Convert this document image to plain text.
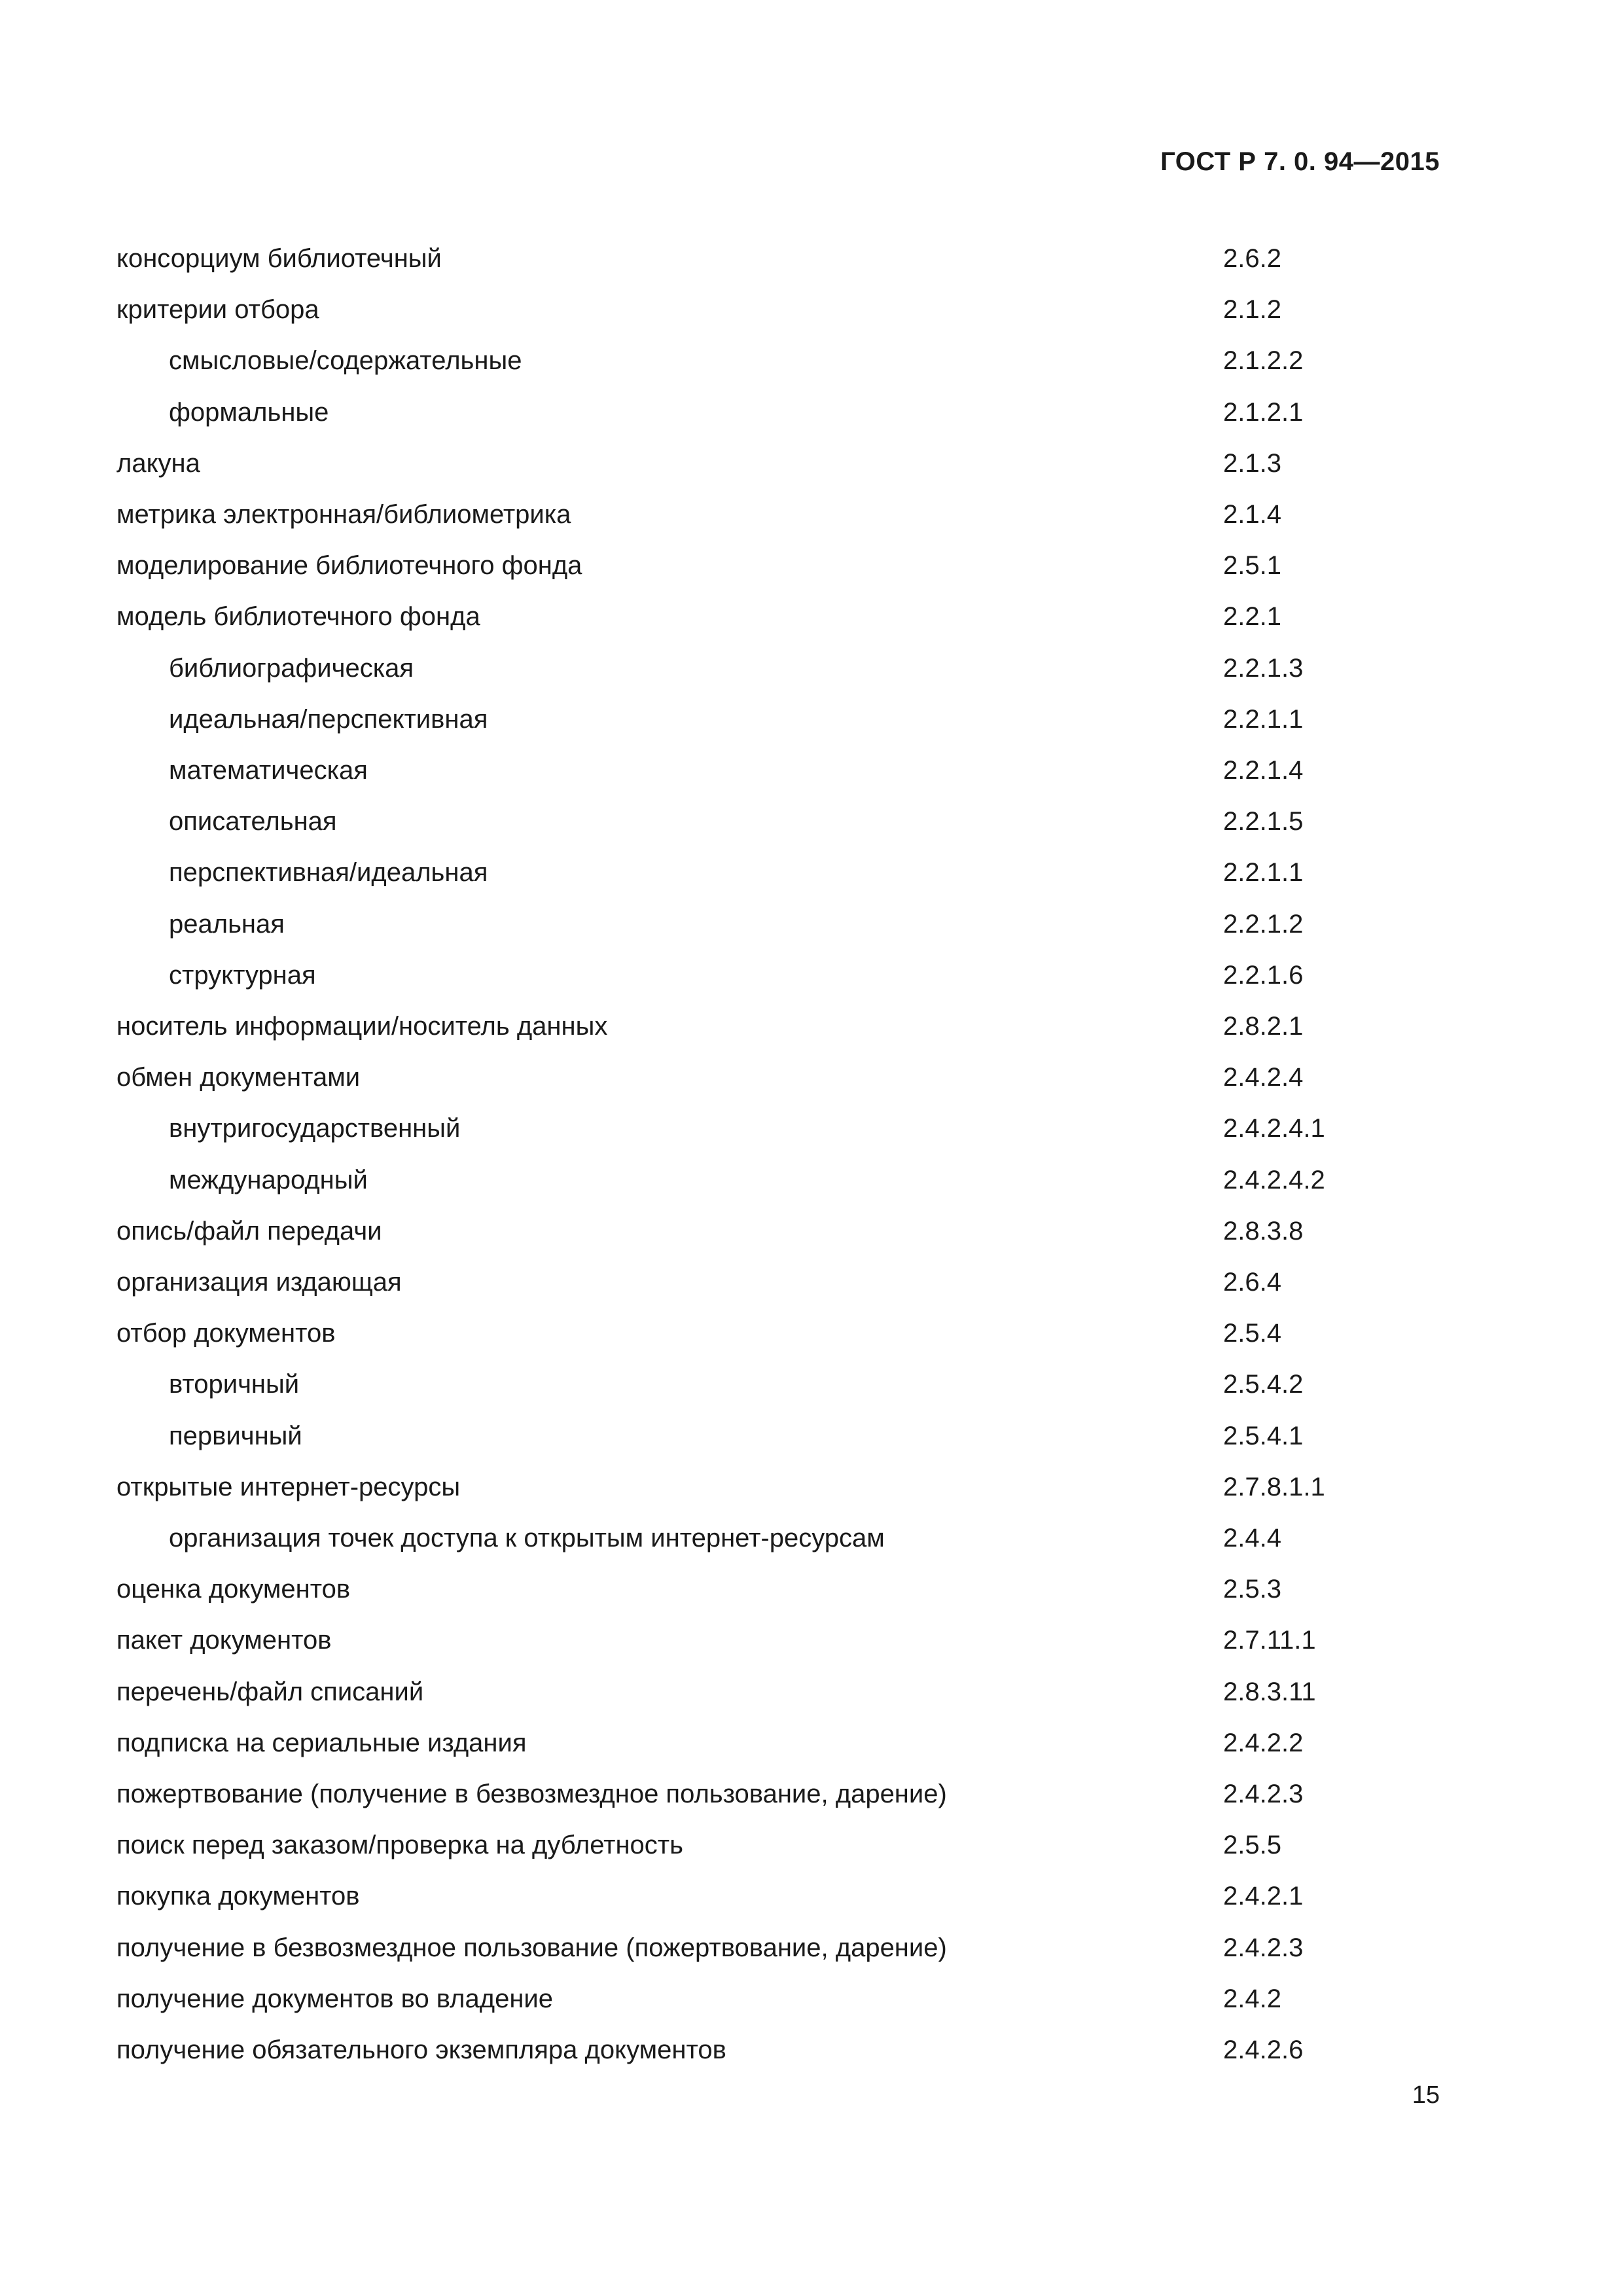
ГОСТ Р 7. 0. 94—2015
консорциум библиотечный	2.6.2
критерии отбора	2.1.2
смысловые/содержательные	2.1.2.2
формальные	2.1.2.1
лакуна	2.1.3
метрика электронная/библиометрика	2.1.4
моделирование библиотечного фонда	2.5.1
модель библиотечного фонда	2.2.1
библиографическая	2.2.1.3
идеальная/перспективная	2.2.1.1
математическая	2.2.1.4
описательная	2.2.1.5
перспективная/идеальная	2.2.1.1
реальная	2.2.1.2
структурная	2.2.1.6
носитель информации/носитель данных	2.8.2.1
обмен документами	2.4.2.4
внутригосударственный	2.4.2.4.1
международный	2.4.2.4.2
опись/файл передачи	2.8.3.8
организация издающая	2.6.4
отбор документов	2.5.4
вторичный	2.5.4.2
первичный	2.5.4.1
открытые интернет-ресурсы	2.7.8.1.1
организация точек доступа к открытым интернет-ресурсам	2.4.4
оценка документов	2.5.3
пакет документов	2.7.11.1
перечень/файл списаний	2.8.3.11
подписка на сериальные издания	2.4.2.2
пожертвование (получение в безвозмездное пользование, дарение)	2.4.2.3
поиск перед заказом/проверка на дублетность	2.5.5
покупка документов	2.4.2.1
получение в безвозмездное пользование (пожертвование, дарение)	2.4.2.3
получение документов во владение	2.4.2
получение обязательного экземпляра документов	2.4.2.6
15
